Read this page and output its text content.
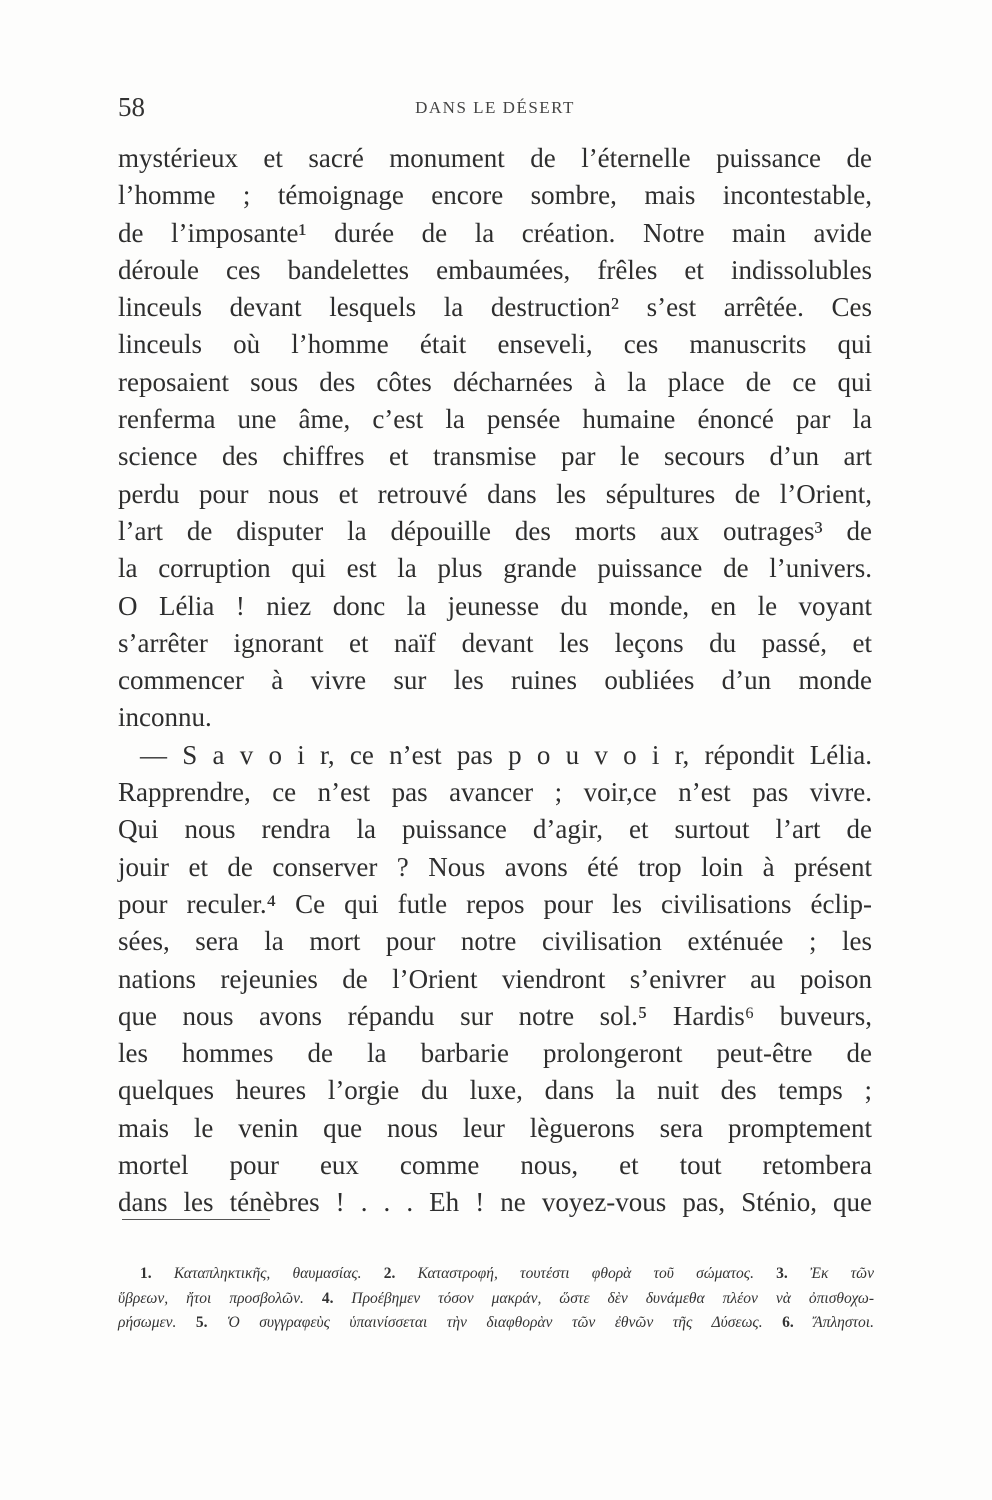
58	DANS LE DÉSERT
mystérieux et sacré monument de l’éternelle puissance de
l’homme ; témoignage encore sombre, mais incontestable,
de l’imposante¹ durée de la création. Notre main avide
déroule ces bandelettes embaumées, frêles et indissolubles
linceuls devant lesquels la destruction² s’est arrêtée. Ces
linceuls où l’homme était enseveli, ces manuscrits qui
reposaient sous des côtes décharnées à la place de ce qui
renferma une âme, c’est la pensée humaine énoncé par la
science des chiffres et transmise par le secours d’un art
perdu pour nous et retrouvé dans les sépultures de l’Orient,
l’art de disputer la dépouille des morts aux outrages³ de
la corruption qui est la plus grande puissance de l’univers.
O Lélia ! niez donc la jeunesse du monde, en le voyant
s’arrêter ignorant et naïf devant les leçons du passé, et
commencer à vivre sur les ruines oubliées d’un monde
inconnu.
— S a v o i r, ce n’est pas p o u v o i r, répondit Lélia.
Rapprendre, ce n’est pas avancer ; voir,ce n’est pas vivre.
Qui nous rendra la puissance d’agir, et surtout l’art de
jouir et de conserver ? Nous avons été trop loin à présent
pour reculer.⁴ Ce qui futle repos pour les civilisations éclip-
sées, sera la mort pour notre civilisation exténuée ; les
nations rejeunies de l’Orient viendront s’enivrer au poison
que nous avons répandu sur notre sol.⁵ Hardis⁶ buveurs,
les hommes de la barbarie prolongeront peut-être de
quelques heures l’orgie du luxe, dans la nuit des temps ;
mais le venin que nous leur lèguerons sera promptement
mortel pour eux comme nous, et tout retombera
dans les ténèbres ! . . . Eh ! ne voyez-vous pas, Sténio, que
1. Καταπληκτικῆς, θαυμασίας. 2. Καταστροφή, τουτέστι φθορὰ τοῦ σώματος. 3. Ἐκ τῶν
ὕβρεων, ἤτοι προσβολῶν. 4. Προέβημεν τόσον μακράν, ὥστε δὲν δυνάμεθα πλέον νὰ ὀπισθοχω-
ρήσωμεν. 5. Ὁ συγγραφεὺς ὑπαινίσσεται τὴν διαφθορὰν τῶν ἐθνῶν τῆς Δύσεως. 6. Ἄπληστοι.
